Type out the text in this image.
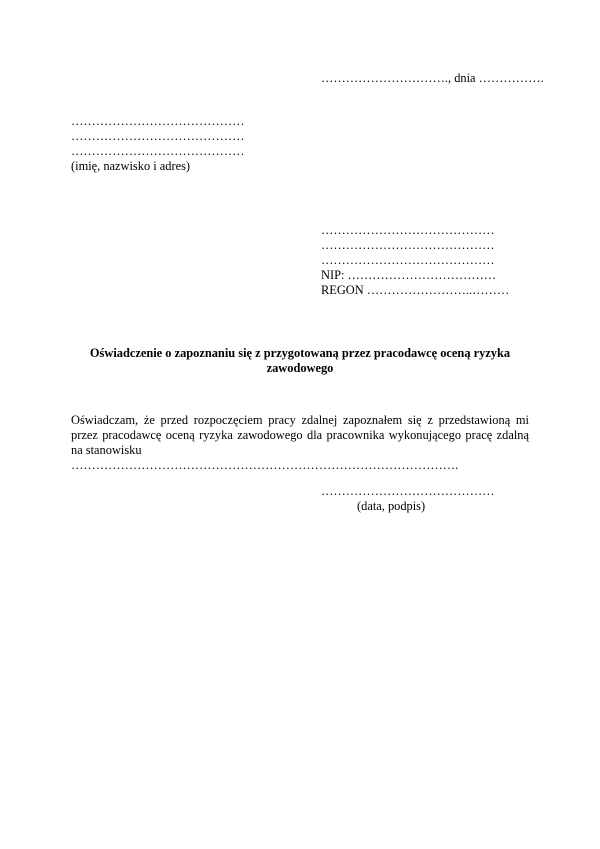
…………………………., dnia …………….
……………………………………
……………………………………
……………………………………
(imię, nazwisko i adres)
……………………………………
……………………………………
……………………………………
NIP: ………………………………
REGON ……………………..………
Oświadczenie o zapoznaniu się z przygotowaną przez pracodawcę oceną ryzyka zawodowego
Oświadczam, że przed rozpoczęciem pracy zdalnej zapoznałem się z przedstawioną mi przez pracodawcę oceną ryzyka zawodowego dla pracownika wykonującego pracę zdalną
na stanowisku ………………………………………………………………………………….
……………………………………
(data, podpis)
